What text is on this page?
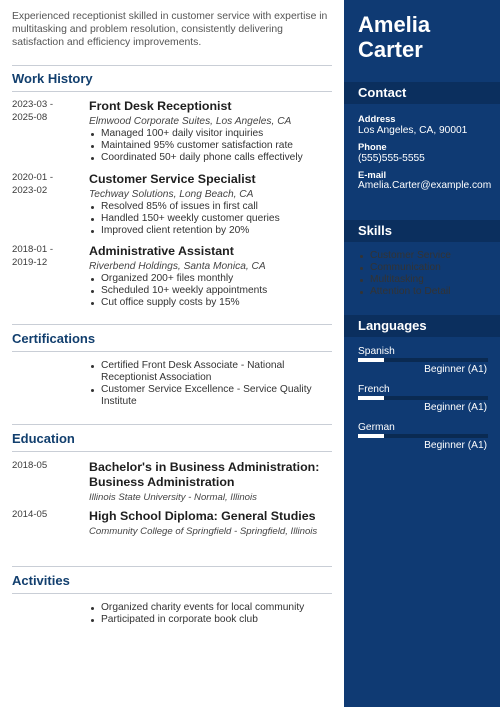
Experienced receptionist skilled in customer service with expertise in multitasking and problem resolution, consistently delivering satisfaction and efficiency improvements.

Work History
2023-03 -
2025-08

Front Desk Receptionist

Elmwood Corporate Suites, Los Angeles, CA

Managed 100+ daily visitor inquiries
Maintained 95% customer satisfaction rate
Coordinated 50+ daily phone calls effectively
2020-01 -
2023-02

Customer Service Specialist

Techway Solutions, Long Beach, CA

Resolved 85% of issues in first call
Handled 150+ weekly customer queries
Improved client retention by 20%
2018-01 -
2019-12

Administrative Assistant

Riverbend Holdings, Santa Monica, CA

Organized 200+ files monthly
Scheduled 10+ weekly appointments
Cut office supply costs by 15%
Certifications
Certified Front Desk Associate - National Receptionist Association
Customer Service Excellence - Service Quality Institute
Education
2018-05	Bachelor's in Business Administration: Business Administration

Illinois State University - Normal, Illinois

2014-05	High School Diploma: General Studies

Community College of Springfield - Springfield, Illinois

Activities
Organized charity events for local community
Participated in corporate book club
Amelia
Carter
Contact
Address
Los Angeles, CA, 90001
Phone
(555)555-5555
E-mail
Amelia.Carter@example.com
Skills
Customer Service
Communication
Multitasking
Attention to Detail
Languages
Spanish
Beginner (A1)
French
Beginner (A1)
German
Beginner (A1)
